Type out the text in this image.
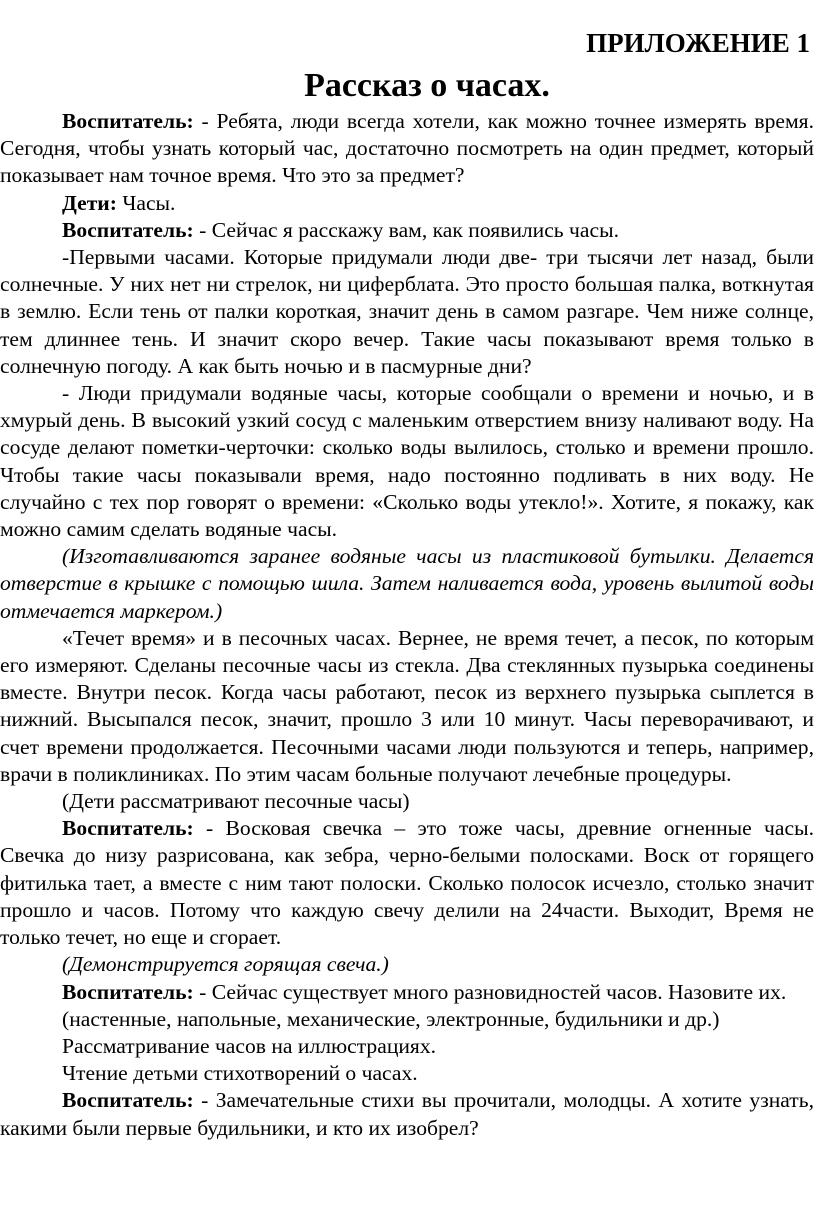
ПРИЛОЖЕНИЕ 1
Рассказ о часах.

Воспитатель: - Ребята, люди всегда хотели, как можно точнее измерять время. Сегодня, чтобы узнать который час, достаточно посмотреть на один предмет, который показывает нам точное время. Что это за предмет?

Дети: Часы.

Воспитатель: - Сейчас я расскажу вам, как появились часы.

-Первыми часами. Которые придумали люди две- три тысячи лет назад, были солнечные. У них нет ни стрелок, ни циферблата. Это просто большая палка, воткнутая в землю. Если тень от палки короткая, значит день в самом разгаре. Чем ниже солнце, тем длиннее тень. И значит скоро вечер. Такие часы показывают время только в солнечную погоду. А как быть ночью и в пасмурные дни?

- Люди придумали водяные часы, которые сообщали о времени и ночью, и в хмурый день. В высокий узкий сосуд с маленьким отверстием внизу наливают воду. На сосуде делают пометки-черточки: сколько воды вылилось, столько и времени прошло. Чтобы такие часы показывали время, надо постоянно подливать в них воду. Не случайно с тех пор говорят о времени: «Сколько воды утекло!». Хотите, я покажу, как можно самим сделать водяные часы.

(Изготавливаются заранее водяные часы из пластиковой бутылки. Делается отверстие в крышке с помощью шила. Затем наливается вода, уровень вылитой воды отмечается маркером.)

«Течет время» и в песочных часах. Вернее, не время течет, а песок, по которым его измеряют. Сделаны песочные часы из стекла. Два стеклянных пузырька соединены вместе. Внутри песок. Когда часы работают, песок из верхнего пузырька сыплется в нижний. Высыпался песок, значит, прошло 3 или 10 минут. Часы переворачивают, и счет времени продолжается. Песочными часами люди пользуются и теперь, например, врачи в поликлиниках. По этим часам больные получают лечебные процедуры.

(Дети рассматривают песочные часы)

Воспитатель: - Восковая свечка – это тоже часы, древние огненные часы. Свечка до низу разрисована, как зебра, черно-белыми полосками. Воск от горящего фитилька тает, а вместе с ним тают полоски. Сколько полосок исчезло, столько значит прошло и часов. Потому что каждую свечу делили на 24части. Выходит, Время не только течет, но еще и сгорает.

(Демонстрируется горящая свеча.)

Воспитатель: - Сейчас существует много разновидностей часов. Назовите их.

(настенные, напольные, механические, электронные, будильники и др.)

Рассматривание часов на иллюстрациях.

Чтение детьми стихотворений о часах.

Воспитатель: - Замечательные стихи вы прочитали, молодцы. А хотите узнать, какими были первые будильники, и кто их изобрел?
